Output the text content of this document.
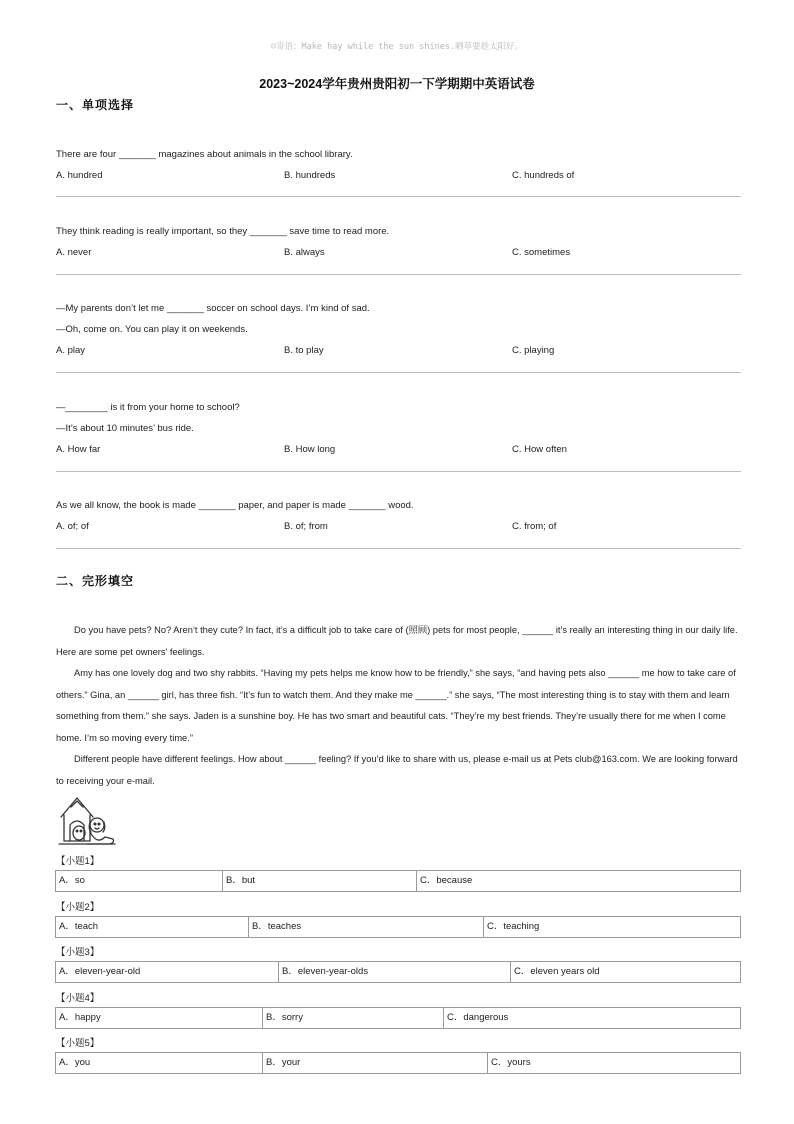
☺寄语：Make hay while the sun shines.晒草要趁太阳好。
2023~2024学年贵州贵阳初一下学期期中英语试卷
一、单项选择
There are four _______ magazines about animals in the school library.
A. hundred	B. hundreds	C. hundreds of
They think reading is really important, so they _______ save time to read more.
A. never	B. always	C. sometimes
—My parents don’t let me _______ soccer on school days. I’m kind of sad.
—Oh, come on. You can play it on weekends.
A. play	B. to play	C. playing
—________ is it from your home to school?
—It’s about 10 minutes’ bus ride.
A. How far	B. How long	C. How often
As we all know, the book is made _______ paper, and paper is made _______ wood.
A. of; of	B. of; from	C. from; of
二、完形填空

Do you have pets? No? Aren’t they cute? In fact, it’s a difficult job to take care of (照顾) pets for most people, ______ it’s really an interesting thing in our daily life. Here are some pet owners’ feelings.

Amy has one lovely dog and two shy rabbits. “Having my pets helps me know how to be friendly,” she says, “and having pets also ______ me how to take care of others.” Gina, an ______ girl, has three fish. “It’s fun to watch them. And they make me ______.” she says, “The most interesting thing is to stay with them and learn something from them.” she says. Jaden is a sunshine boy. He has two smart and beautiful cats. “They’re my best friends. They’re usually there for me when I come home. I’m so moving every time.”

Different people have different feelings. How about ______ feeling? If you’d like to share with us, please e-mail us at Pets club@163.com. We are looking forward to receiving your e-mail.

【小题1】
A．so	B．but	C．because
【小题2】
A．teach	B．teaches	C．teaching
【小题3】
A．eleven-year-old	B．eleven-year-olds	C．eleven years old
【小题4】
A．happy	B．sorry	C．dangerous
【小题5】
A．you	B．your	C．yours
